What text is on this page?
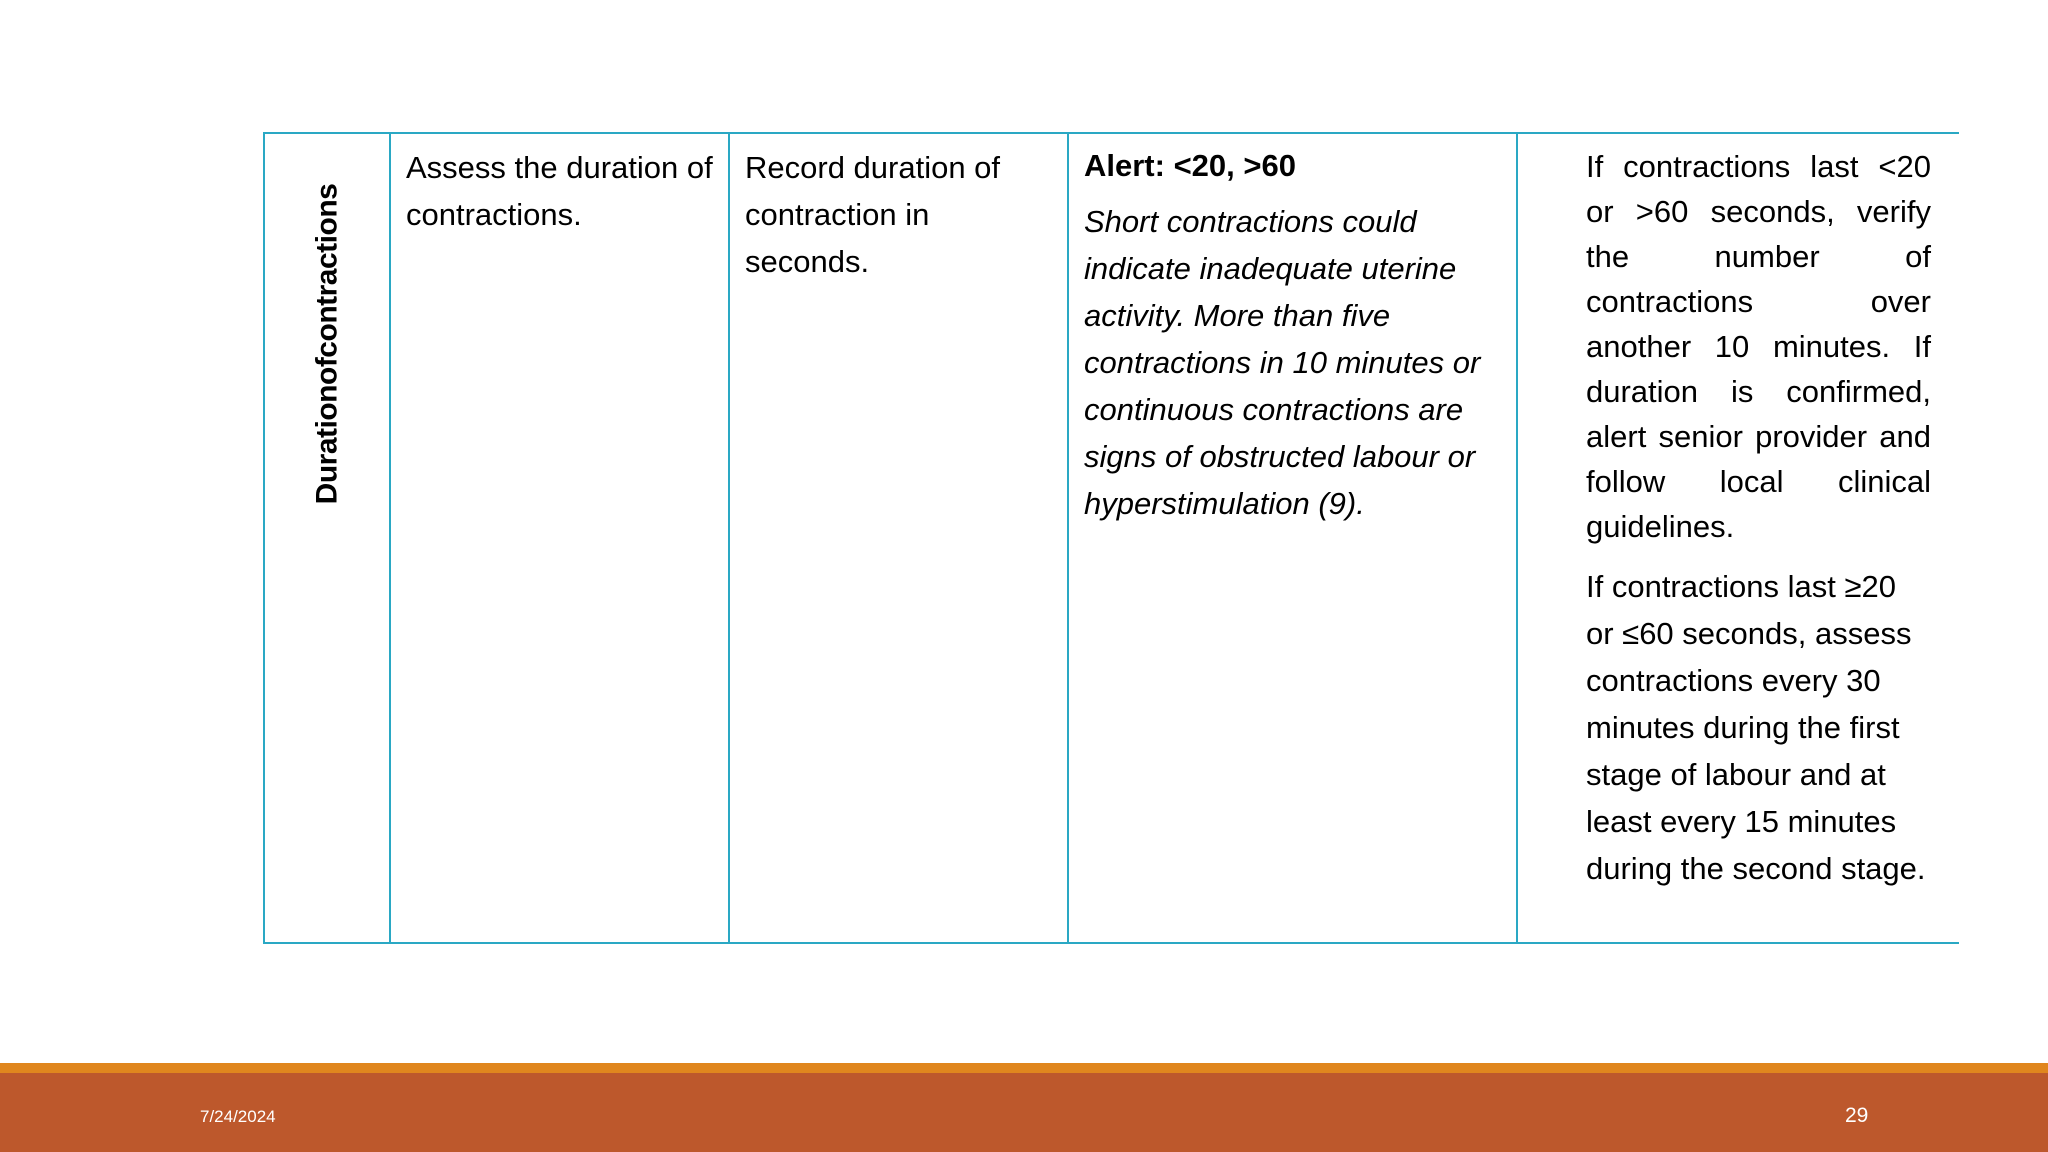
Durationofcontractions
Assess the duration of contractions.
Record duration of contraction in seconds.

Alert: <20, >60

Short contractions could indicate inadequate uterine activity. More than five contractions in 10 minutes or continuous contractions are signs of obstructed labour or hyperstimulation (9).

If contractions last <20 or >60 seconds, verify the number of contractions over another 10 minutes. If duration is confirmed, alert senior provider and follow local clinical guidelines.

If contractions last ≥20 or ≤60 seconds, assess contractions every 30 minutes during the first stage of labour and at least every 15 minutes during the second stage.

7/24/2024	29
